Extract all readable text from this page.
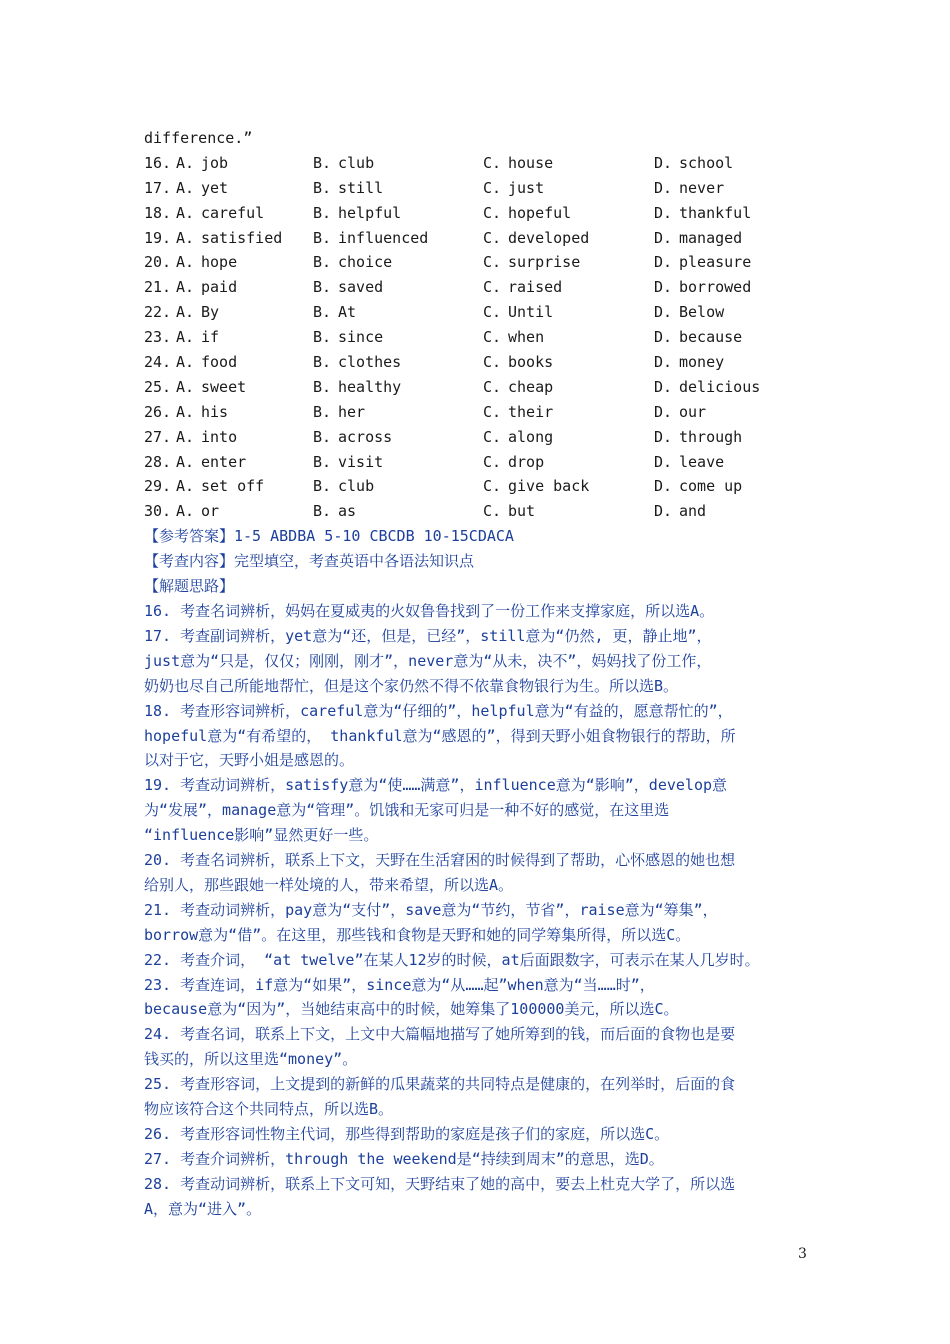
difference.”
16. A. job	B. club	C. house	D. school
17. A. yet	B. still	C. just	D. never
18. A. careful	B. helpful	C. hopeful	D. thankful
19. A. satisfied B. influenced	C. developed	D. managed
20. A. hope	B. choice	C. surprise	D. pleasure
21. A. paid	B. saved	C. raised	D. borrowed
22. A. By	B. At	C. Until	D. Below
23. A. if	B. since	C. when	D. because
24. A. food	B. clothes	C. books	D. money
25. A. sweet	B. healthy	C. cheap	D. delicious
26. A. his	B. her	C. their	D. our
27. A. into	B. across	C. along	D. through
28. A. enter	B. visit	C. drop	D. leave
29. A. set off	B. club	C. give back	D. come up
30. A. or	B. as	C. but	D. and
【参考答案】1-5 ABDBA 5-10 CBCDB 10-15CDACA
【考查内容】完型填空，考查英语中各语法知识点
【解题思路】
16. 考查名词辨析，妈妈在夏威夷的火奴鲁鲁找到了一份工作来支撑家庭，所以选A。
17. 考查副词辨析，yet意为“还，但是，已经”，still意为“仍然, 更，静止地”，
just意为“只是，仅仅；刚刚，刚才”，never意为“从未，决不”，妈妈找了份工作，
奶奶也尽自己所能地帮忙，但是这个家仍然不得不依靠食物银行为生。所以选B。
18. 考查形容词辨析，careful意为“仔细的”，helpful意为“有益的，愿意帮忙的”，
hopeful意为“有希望的， thankful意为“感恩的”，得到天野小姐食物银行的帮助，所
以对于它，天野小姐是感恩的。
19. 考查动词辨析，satisfy意为“使……满意”，influence意为“影响”，develop意
为“发展”，manage意为“管理”。饥饿和无家可归是一种不好的感觉，在这里选
“influence影响”显然更好一些。
20. 考查名词辨析，联系上下文，天野在生活窘困的时候得到了帮助，心怀感恩的她也想
给别人，那些跟她一样处境的人，带来希望，所以选A。
21. 考查动词辨析，pay意为“支付”，save意为“节约，节省”，raise意为“筹集”，
borrow意为“借”。在这里，那些钱和食物是天野和她的同学筹集所得，所以选C。
22. 考查介词， “at twelve”在某人12岁的时候，at后面跟数字，可表示在某人几岁时。
23. 考查连词，if意为“如果”，since意为“从……起”when意为“当……时”，
because意为“因为”，当她结束高中的时候，她筹集了100000美元，所以选C。
24. 考查名词，联系上下文，上文中大篇幅地描写了她所筹到的钱，而后面的食物也是要
钱买的，所以这里选“money”。
25. 考查形容词，上文提到的新鲜的瓜果蔬菜的共同特点是健康的，在列举时，后面的食
物应该符合这个共同特点，所以选B。
26. 考查形容词性物主代词，那些得到帮助的家庭是孩子们的家庭，所以选C。
27. 考查介词辨析，through the weekend是“持续到周末”的意思，选D。
28. 考查动词辨析，联系上下文可知，天野结束了她的高中，要去上杜克大学了，所以选
A，意为“进入”。
3
